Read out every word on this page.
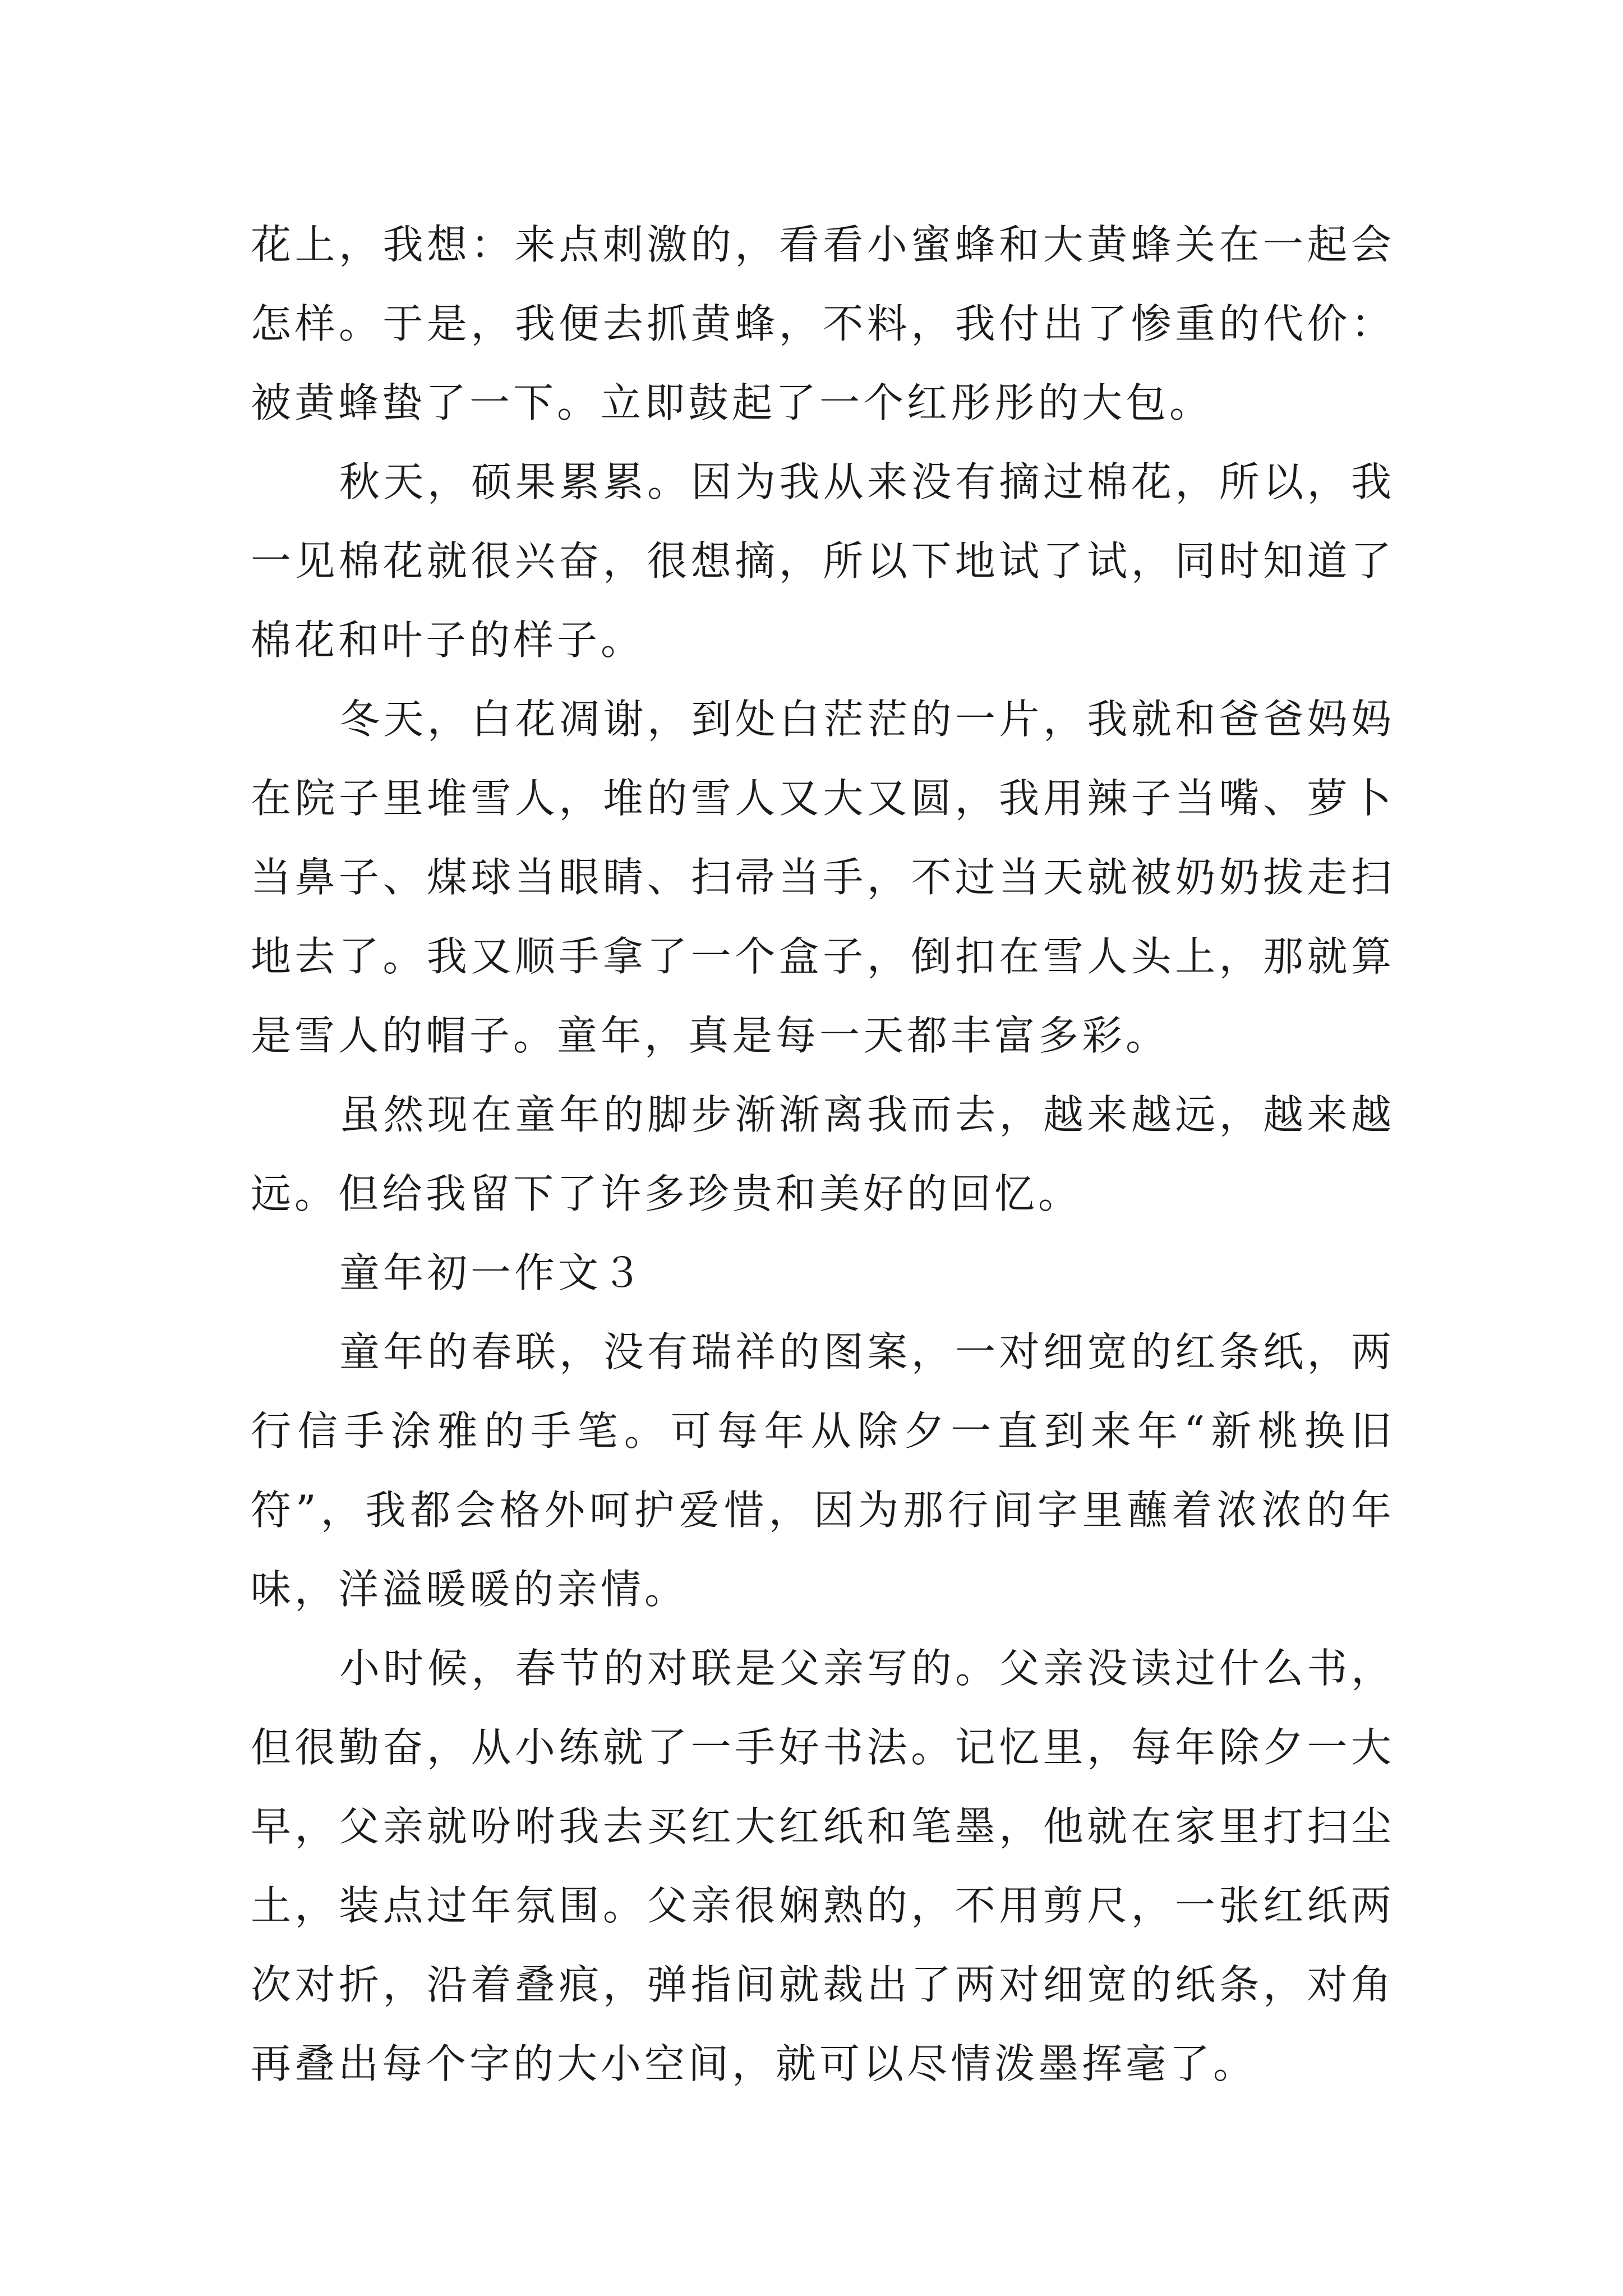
花上，我想：来点刺激的，看看小蜜蜂和大黄蜂关在一起会怎样。于是，我便去抓黄蜂，不料，我付出了惨重的代价：被黄蜂蛰了一下。立即鼓起了一个红彤彤的大包。

秋天，硕果累累。因为我从来没有摘过棉花，所以，我一见棉花就很兴奋，很想摘，所以下地试了试，同时知道了棉花和叶子的样子。

冬天，白花凋谢，到处白茫茫的一片，我就和爸爸妈妈在院子里堆雪人，堆的雪人又大又圆，我用辣子当嘴、萝卜当鼻子、煤球当眼睛、扫帚当手，不过当天就被奶奶拔走扫地去了。我又顺手拿了一个盒子，倒扣在雪人头上，那就算是雪人的帽子。童年，真是每一天都丰富多彩。

虽然现在童年的脚步渐渐离我而去，越来越远，越来越远。但给我留下了许多珍贵和美好的回忆。

童年初一作文３

童年的春联，没有瑞祥的图案，一对细宽的红条纸，两行信手涂雅的手笔。可每年从除夕一直到来年“新桃换旧符”，我都会格外呵护爱惜，因为那行间字里蘸着浓浓的年味，洋溢暖暖的亲情。

小时候，春节的对联是父亲写的。父亲没读过什么书，但很勤奋，从小练就了一手好书法。记忆里，每年除夕一大早，父亲就吩咐我去买红大红纸和笔墨，他就在家里打扫尘土，装点过年氛围。父亲很娴熟的，不用剪尺，一张红纸两次对折，沿着叠痕，弹指间就裁出了两对细宽的纸条，对角再叠出每个字的大小空间，就可以尽情泼墨挥毫了。
